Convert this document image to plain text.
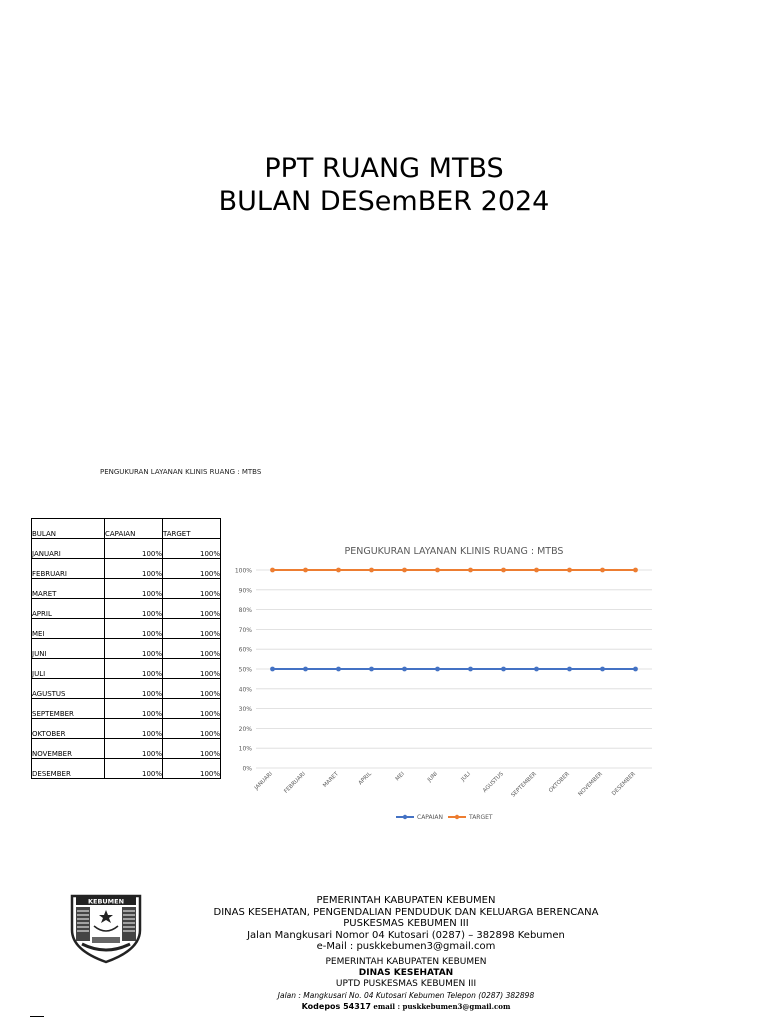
PPT RUANG MTBS
BULAN DESemBER 2024
PENGUKURAN LAYANAN KLINIS RUANG : MTBS
BULAN	CAPAIAN	TARGET
JANUARI	100%	100%
FEBRUARI	100%	100%
MARET	100%	100%
APRIL	100%	100%
MEI	100%	100%
JUNI	100%	100%
JULI	100%	100%
AGUSTUS	100%	100%
SEPTEMBER	100%	100%
OKTOBER	100%	100%
NOVEMBER	100%	100%
DESEMBER	100%	100%
PENGUKURAN LAYANAN KLINIS RUANG : MTBS
0%
10%
20%
30%
40%
50%
60%
70%
80%
90%
100%
JANUARI FEBRUARI	MARET	APRIL	MEI	JUNI	JULI AGUSTUS SEPTEMBER OKTOBER NOVEMBER DESEMBER
CAPAIAN	TARGET
KEBUMEN	PEMERINTAH KABUPATEN KEBUMEN
DINAS KESEHATAN, PENGENDALIAN PENDUDUK DAN KELUARGA BERENCANA
PUSKESMAS KEBUMEN III
Jalan Mangkusari Nomor 04 Kutosari (0287) – 382898 Kebumen
e-Mail : puskkebumen3@gmail.com
PEMERINTAH KABUPATEN KEBUMEN
DINAS KESEHATAN
UPTD PUSKESMAS KEBUMEN III
Jalan : Mangkusari No. 04 Kutosari Kebumen Telepon (0287) 382898
Kodepos 54317 email : puskkebumen3@gmail.com
